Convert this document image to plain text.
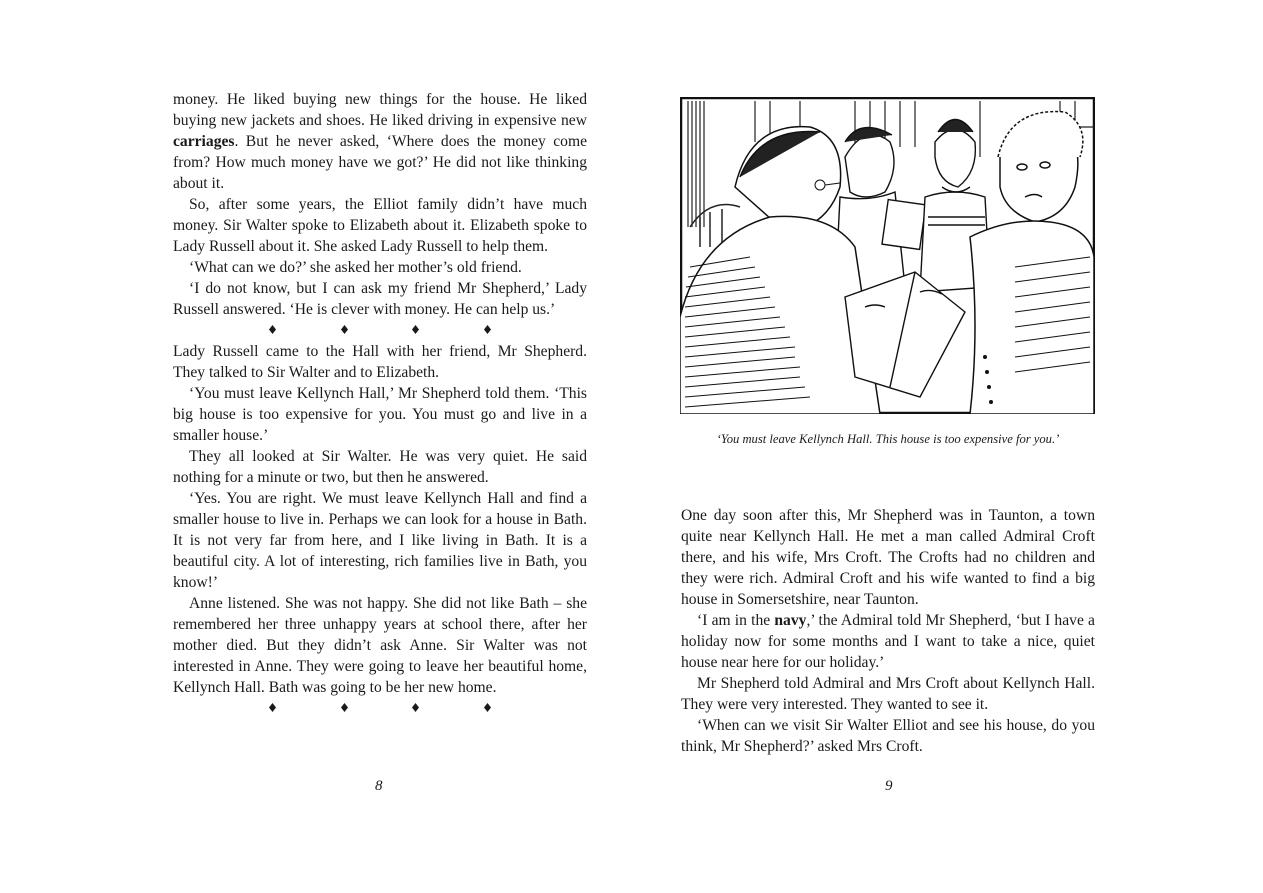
money. He liked buying new things for the house. He liked buying new jackets and shoes. He liked driving in expensive new carriages. But he never asked, ‘Where does the money come from? How much money have we got?’ He did not like thinking about it.

So, after some years, the Elliot family didn’t have much money. Sir Walter spoke to Elizabeth about it. Elizabeth spoke to Lady Russell about it. She asked Lady Russell to help them.

‘What can we do?’ she asked her mother’s old friend.

‘I do not know, but I can ask my friend Mr Shepherd,’ Lady Russell answered. ‘He is clever with money. He can help us.’

Lady Russell came to the Hall with her friend, Mr Shepherd. They talked to Sir Walter and to Elizabeth.

‘You must leave Kellynch Hall,’ Mr Shepherd told them. ‘This big house is too expensive for you. You must go and live in a smaller house.’

They all looked at Sir Walter. He was very quiet. He said nothing for a minute or two, but then he answered.

‘Yes. You are right. We must leave Kellynch Hall and find a smaller house to live in. Perhaps we can look for a house in Bath. It is not very far from here, and I like living in Bath. It is a beautiful city. A lot of interesting, rich families live in Bath, you know!’

Anne listened. She was not happy. She did not like Bath – she remembered her three unhappy years at school there, after her mother died. But they didn’t ask Anne. Sir Walter was not interested in Anne. They were going to leave her beautiful home, Kellynch Hall. Bath was going to be her new home.

8
‘You must leave Kellynch Hall. This house is too expensive for you.’

One day soon after this, Mr Shepherd was in Taunton, a town quite near Kellynch Hall. He met a man called Admiral Croft there, and his wife, Mrs Croft. The Crofts had no children and they were rich. Admiral Croft and his wife wanted to find a big house in Somersetshire, near Taunton.

‘I am in the navy,’ the Admiral told Mr Shepherd, ‘but I have a holiday now for some months and I want to take a nice, quiet house near here for our holiday.’

Mr Shepherd told Admiral and Mrs Croft about Kellynch Hall. They were very interested. They wanted to see it.

‘When can we visit Sir Walter Elliot and see his house, do you think, Mr Shepherd?’ asked Mrs Croft.

9
